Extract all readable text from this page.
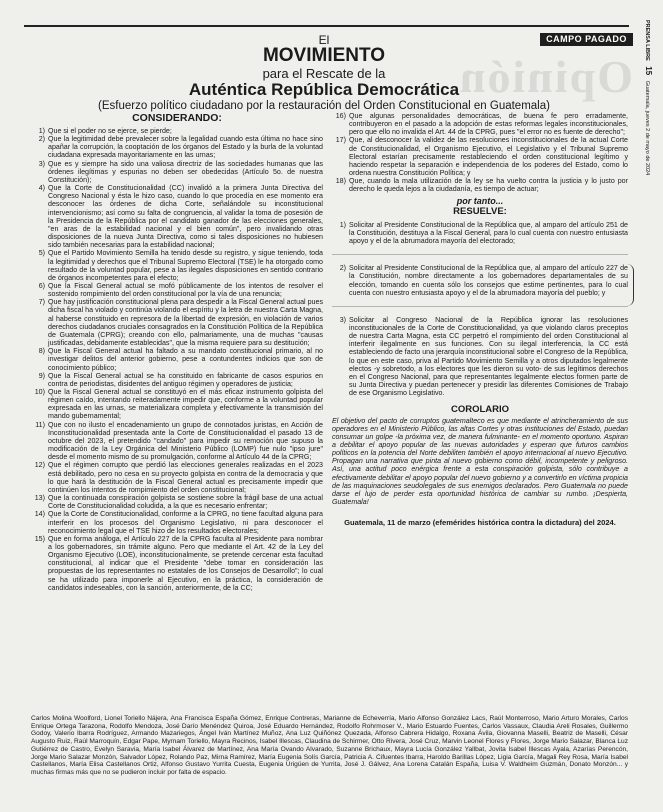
Opinión
CAMPO PAGADO
El
MOVIMIENTO
para el Rescate de la
Auténtica República Democrática
(Esfuerzo político ciudadano por la restauración del Orden Constitucional en Guatemala)
PRENSA LIBRE 15 Guatemala, jueves 2 de mayo de 2024
CONSIDERANDO:
1) Que si el poder no se ejerce, se pierde;
2) Que la legitimidad debe prevalecer sobre la legalidad cuando esta última no hace sino apañar la corrupción, la cooptación de los órganos del Estado y la burla de la voluntad ciudadana expresada mayoritariamente en las urnas;
3) Que es y siempre ha sido una valiosa directriz de las sociedades humanas que las órdenes ilegítimas y espurias no deben ser obedecidas (Artículo 5o. de nuestra Constitución);
4) Que la Corte de Constitucionalidad (CC) invalidó a la primera Junta Directiva del Congreso Nacional y ésta le hizo caso, cuando lo que procedía en ese momento era desconocer las órdenes de dicha Corte, señalándole su inconstitucional intervencionismo; así como su falta de congruencia, al validar la toma de posesión de la Presidencia de la República por el candidato ganador de las elecciones generales, "en aras de la estabilidad nacional y el bien común", pero invalidando otras disposiciones de la nueva Junta Directiva, como si tales disposiciones no hubiesen sido también necesarias para la estabilidad nacional;
5) Que el Partido Movimiento Semilla ha tenido desde su registro, y sigue teniendo, toda la legitimidad y derechos que el Tribunal Supremo Electoral (TSE) le ha otorgado como resultado de la voluntad popular, pese a las ilegales disposiciones en sentido contrario de órganos incompetentes para el efecto;
6) Que la Fiscal General actual se mofó públicamente de los intentos de resolver el sostenido rompimiento del orden constitucional por la vía de una renuncia;
7) Que hay justificación constitucional plena para despedir a la Fiscal General actual pues dicha fiscal ha violado y continúa violando el espíritu y la letra de nuestra Carta Magna, al haberse constituido en represora de la libertad de expresión, en violación de varios derechos ciudadanos cruciales consagrados en la Constitución Política de la República de Guatemala (CPRG); creando con ello, palmariamente, una de muchas "causas justificadas, debidamente establecidas", que la misma requiere para su destitución;
8) Que la Fiscal General actual ha faltado a su mandato constitucional primario, al no investigar delitos del anterior gobierno, pese a contundentes indicios que son de conocimiento público;
9) Que la Fiscal General actual se ha constituido en fabricante de casos espurios en contra de periodistas, disidentes del antiguo régimen y operadores de justicia;
10) Que la Fiscal General actual se constituyó en el más eficaz instrumento golpista del régimen caído, intentando reiteradamente impedir que, conforme a la voluntad popular expresada en las urnas, se materializara completa y efectivamente la transmisión del mando gubernamental;
11) Que con no ilusto el encadenamiento un grupo de connotados juristas, en Acción de Inconstitucionalidad presentada ante la Corte de Constitucionalidad el pasado 13 de octubre del 2023, el pretendido "candado" para impedir su remoción que supuso la modificación de la Ley Orgánica del Ministerio Público (LOMP) fue nulo "ipso jure" desde el momento mismo de su promulgación, conforme al Artículo 44 de la CPRG;
12) Que el régimen corrupto que perdió las elecciones generales realizadas en el 2023 está debilitado, pero no cesa en su proyecto golpista en contra de la democracia y que lo que hará la destitución de la Fiscal General actual es precisamente impedir que continúen los intentos de rompimiento del orden constitucional;
13) Que la continuada conspiración golpista se sostiene sobre la frágil base de una actual Corte de Constitucionalidad coludida, a la que es necesario enfrentar;
14) Que la Corte de Constitucionalidad, conforme a la CPRG, no tiene facultad alguna para interferir en los procesos del Organismo Legislativo, ni para desconocer el reconocimiento legal que el TSE hizo de los resultados electorales;
15) Que en forma análoga, el Artículo 227 de la CPRG faculta al Presidente para nombrar a los gobernadores, sin trámite alguno. Pero que mediante el Art. 42 de la Ley del Organismo Ejecutivo (LOE), inconstitucionalmente, se pretende cercenar esta facultad constitucional, al indicar que el Presidente "debe tomar en consideración las propuestas de los representantes no estatales de los Consejos de Desarrollo"; lo cual se ha utilizado para imponerle al Ejecutivo, en la práctica, la consideración de candidatos indeseables, con la sanción, anteriormente, de la CC;
16) Que algunas personalidades democráticas, de buena fe pero erradamente, contribuyeron en el pasado a la adopción de estas reformas legales inconstitucionales, pero que ello no invalida el Art. 44 de la CPRG, pues "el error no es fuente de derecho";
17) Que, al desconocer la validez de las resoluciones inconstitucionales de la actual Corte de Constitucionalidad, el Organismo Ejecutivo, el Legislativo y el Tribunal Supremo Electoral estarían precisamente restableciendo el orden constitucional legítimo y haciendo respetar la separación e independencia de los poderes del Estado, como lo ordena nuestra Constitución Política; y
18) Que, cuando la mala utilización de la ley se ha vuelto contra la justicia y lo justo por derecho le queda lejos a la ciudadanía, es tiempo de actuar;
por tanto...
RESUELVE:
1) Solicitar al Presidente Constitucional de la República que, al amparo del artículo 251 de la Constitución, destituya a la Fiscal General, para lo cual cuenta con nuestro entusiasta apoyo y el de la abrumadora mayoría del electorado;
2) Solicitar al Presidente Constitucional de la República que, al amparo del artículo 227 de la Constitución, nombre directamente a los gobernadores departamentales de su elección, tomando en cuenta sólo los consejos que estime pertinentes, para lo cual cuenta con nuestro entusiasta apoyo y el de la abrumadora mayoría del pueblo; y
3) Solicitar al Congreso Nacional de la República ignorar las resoluciones inconstitucionales de la Corte de Constitucionalidad, ya que violando claros preceptos de nuestra Carta Magna, esta CC perpetró el rompimiento del orden Constitucional al interferir ilegalmente en sus funciones. Con su ilegal interferencia, la CC está estableciendo de facto una jerarquía inconstitucional sobre el Congreso de la República, lo que en este caso, priva al Partido Movimiento Semilla y a otros diputados legalmente electos -y sobretodo, a los electores que les dieron su voto- de sus legítimos derechos en el Congreso Nacional, para que representantes legalmente electos formen parte de su Junta Directiva y puedan pertenecer y presidir las diferentes Comisiones de Trabajo de ese Organismo Legislativo.
COROLARIO
El objetivo del pacto de corruptos guatemalteco es que mediante el atrincheramiento de sus operadores en el Ministerio Público, las altas Cortes y otras instituciones del Estado, puedan consumar un golpe -la próxima vez, de manera fulminante- en el momento oportuno. Aspiran a debilitar el apoyo popular de las nuevas autoridades y esperan que futuros cambios políticos en la potencia del Norte debiliten también el apoyo internacional al nuevo Ejecutivo. Propagan una narrativa que pinta al nuevo gobierno como débil, incompetente y peligroso. Así, una actitud poco enérgica frente a esta conspiración golpista, sólo contribuye a efectivamente debilitar el apoyo popular del nuevo gobierno y a convertirlo en víctima propicia de las maquinaciones seudolegales de sus enemigos declarados. Pero Guatemala no puede darse el lujo de perder esta oportunidad histórica de cambiar su rumbo. ¡Despierta, Guatemala!
Guatemala, 11 de marzo (efemérides histórica contra la dictadura) del 2024.
Carlos Molina Woolford, Lionel Toriello Nájera, Ana Francisca España Gómez, Enrique Contreras, Marianne de Echeverría, Mario Alfonso González Lacs, Raúl Monterroso, Mario Arturo Morales, Carlos Enrique Ortega Tarazona, Rodolfo Mendoza, José Darío Menéndez Quiroa, José Eduardo Hernández, Rodolfo Rohrmoser V., Mario Estuardo Fuentes, Carlos Vassaux, Claudia Areli Rosales, Guillermo Godoy, Valerio Ibarra Rodríguez, Armando Mazariegos, Ángel Iván Martínez Muñoz, Ana Luz Quiñónez Quezada, Alfonso Cabrera Hidalgo, Roxana Ávila, Giovanna Maselli, Beatriz de Maselli, César Augusto Ruiz, Raúl Marroquín, Edgar Pape, Myrnam Toriello, Mayra Recinos, Isabel Illescas, Claudina de Schirmer, Otto Rivera, José Cruz, Marvin Leonel Flores y Flores, Jorge Mario Salazar, Blanca Luz Gutiérrez de Castro, Evelyn Saravia, María Isabel Álvarez de Martínez, Ana María Ovando Alvarado, Suzanne Brichaux, Mayra Lucía González Yallbat, Jovita Isabel Illescas Ayala, Azarías Perencón, Jorge Mario Salazar Monzón, Salvador López, Rolando Paz, Mirna Ramírez, María Eugenia Solís García, Patricia A. Cifuentes Ibarra, Haroldo Barillas López, Ligia García, Magali Rey Rosa, María Isabel Castellanos, María Elisa Castellanos Ortiz, Alfonso Gustavo Yurrita Cuesta, Eugenia Urigüen de Yurrita, José J. Gálvez, Ana Lorena Catalán España, Luisa V. Waldheim Guzmán, Donato Monzón... y muchas firmas más que no se pudieron incluir por falta de espacio.
